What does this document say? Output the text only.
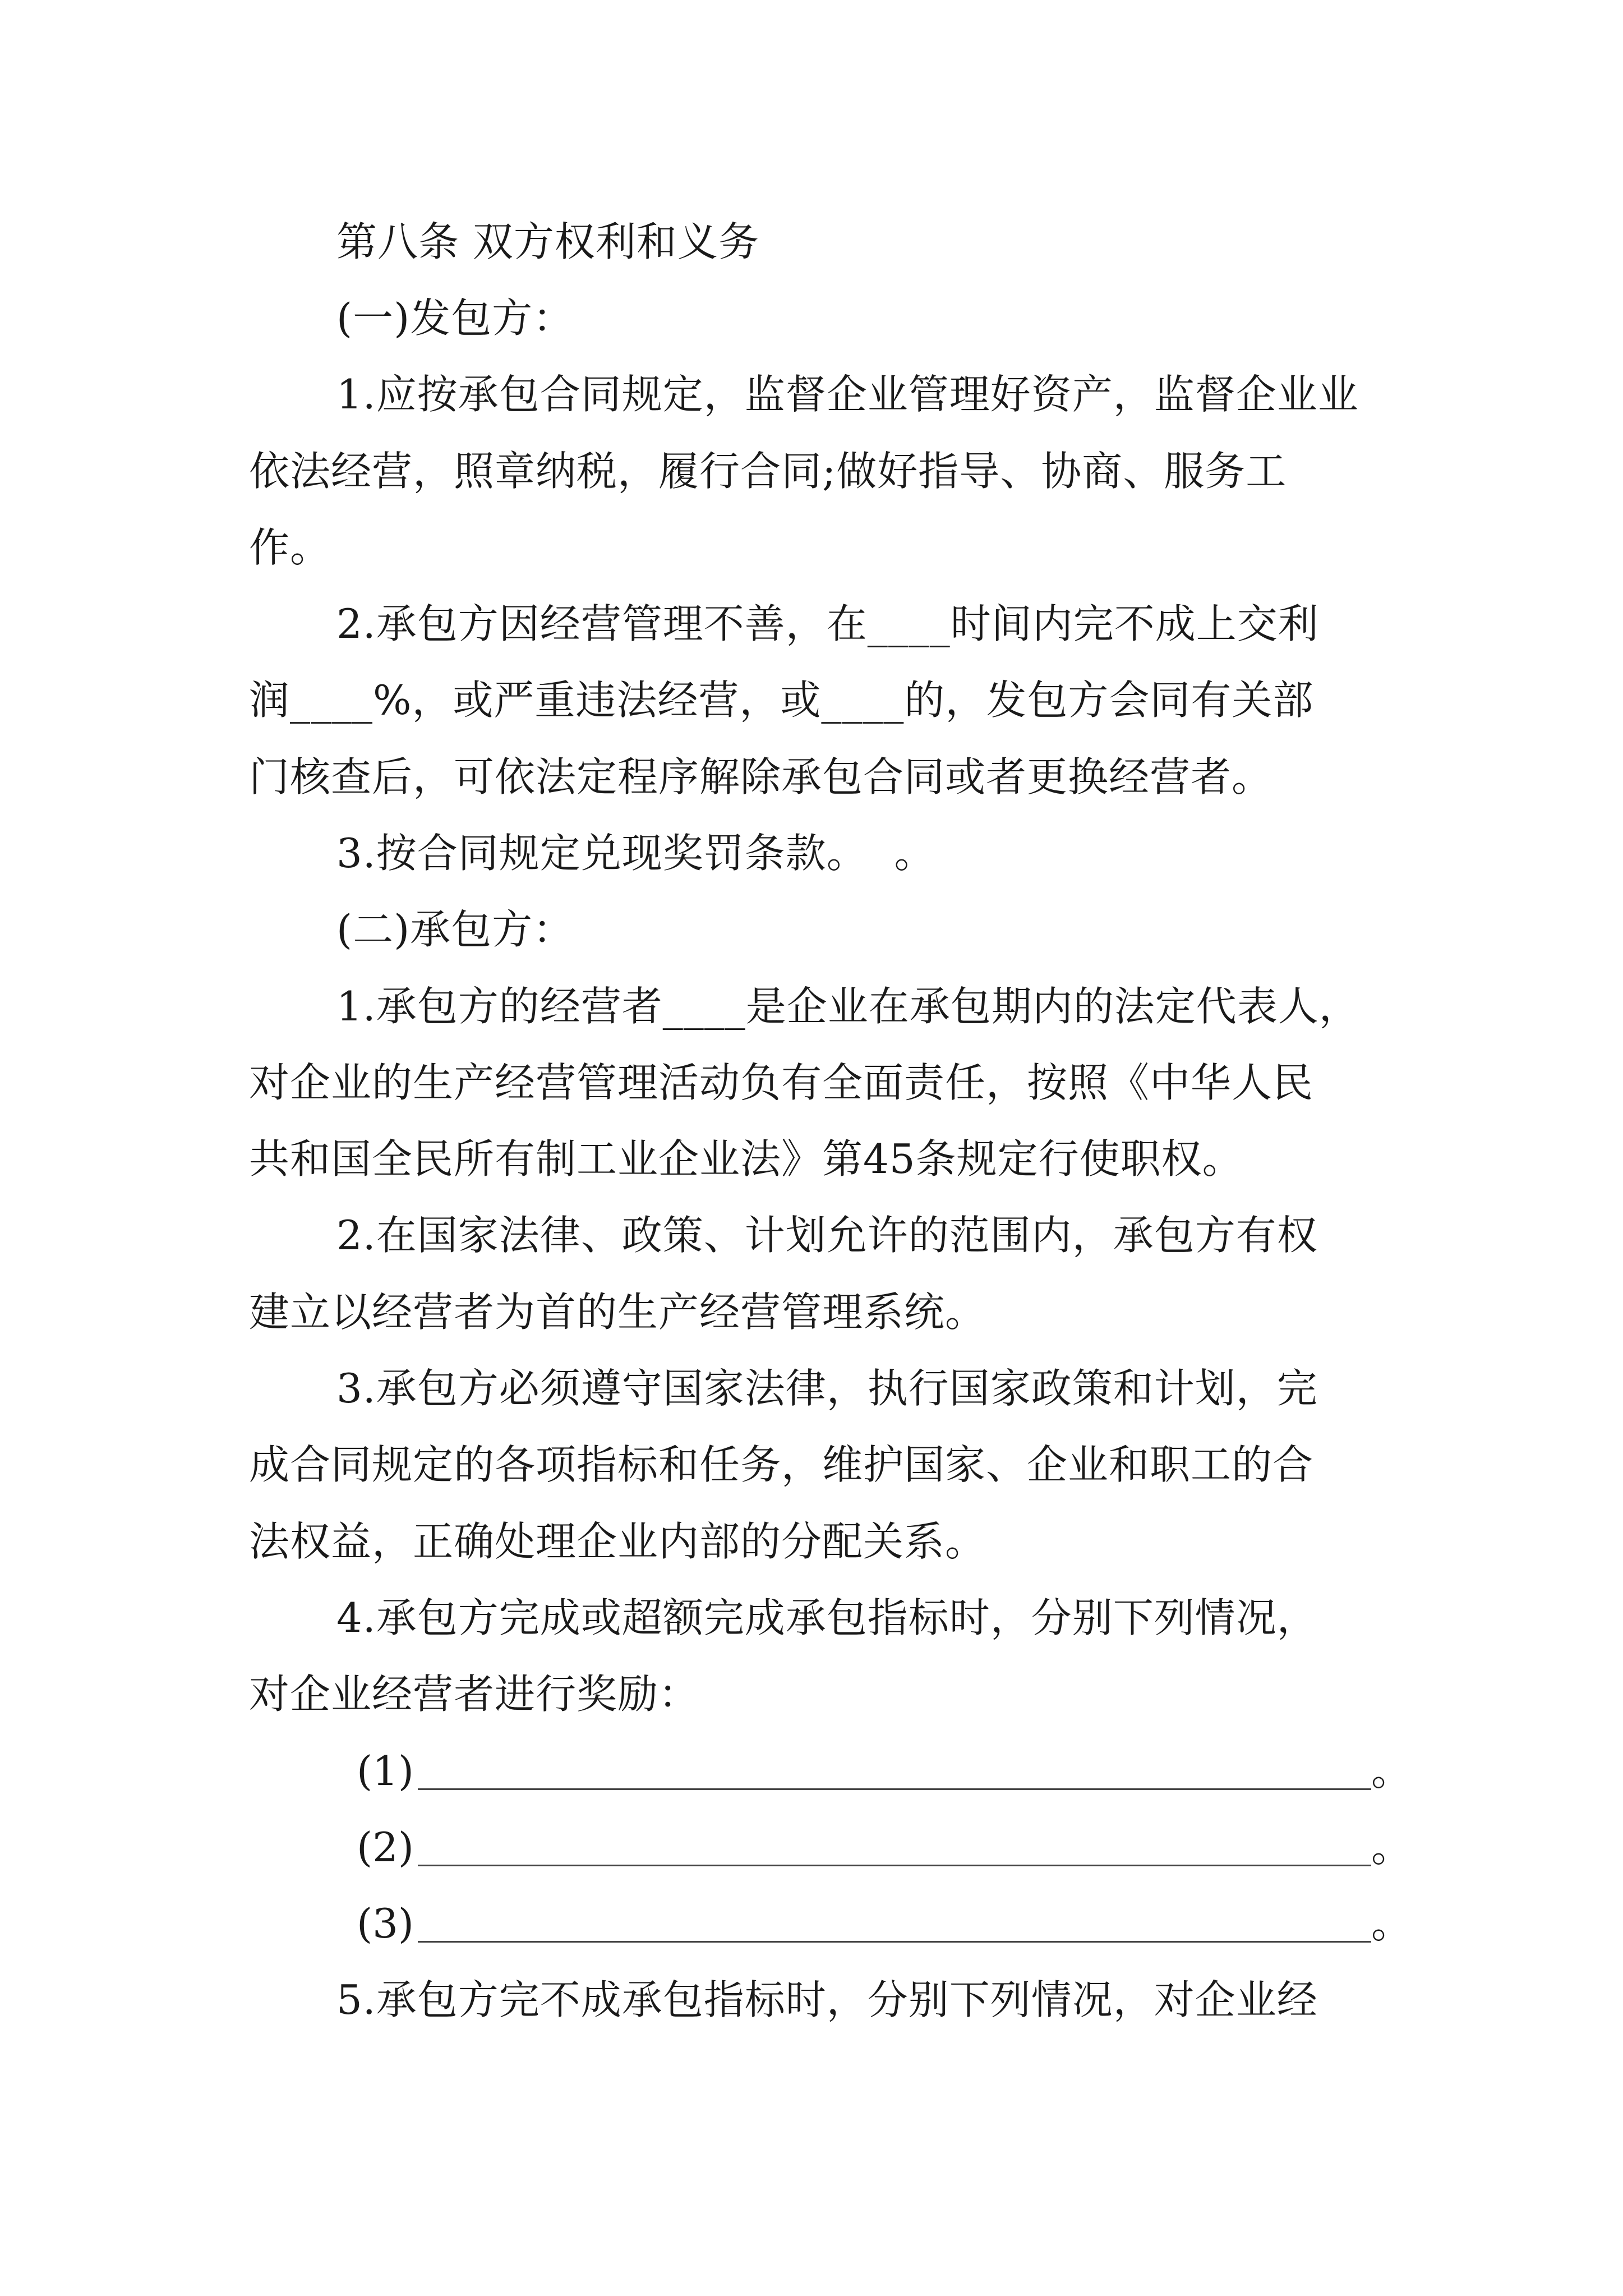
第八条 双方权利和义务
(一)发包方：
1.应按承包合同规定，监督企业管理好资产，监督企业业
依法经营，照章纳税，履行合同;做好指导、协商、服务工
作。
2.承包方因经营管理不善，在____时间内完不成上交利
润____%，或严重违法经营，或____的，发包方会同有关部
门核查后，可依法定程序解除承包合同或者更换经营者。
3.按合同规定兑现奖罚条款。  。
(二)承包方：
1.承包方的经营者____是企业在承包期内的法定代表人，
对企业的生产经营管理活动负有全面责任，按照《中华人民
共和国全民所有制工业企业法》第45条规定行使职权。
2.在国家法律、政策、计划允许的范围内，承包方有权
建立以经营者为首的生产经营管理系统。
3.承包方必须遵守国家法律，执行国家政策和计划，完
成合同规定的各项指标和任务，维护国家、企业和职工的合
法权益，正确处理企业内部的分配关系。
4.承包方完成或超额完成承包指标时，分别下列情况，
对企业经营者进行奖励：
(1)	。
(2)	。
(3)	。
5.承包方完不成承包指标时，分别下列情况，对企业经
